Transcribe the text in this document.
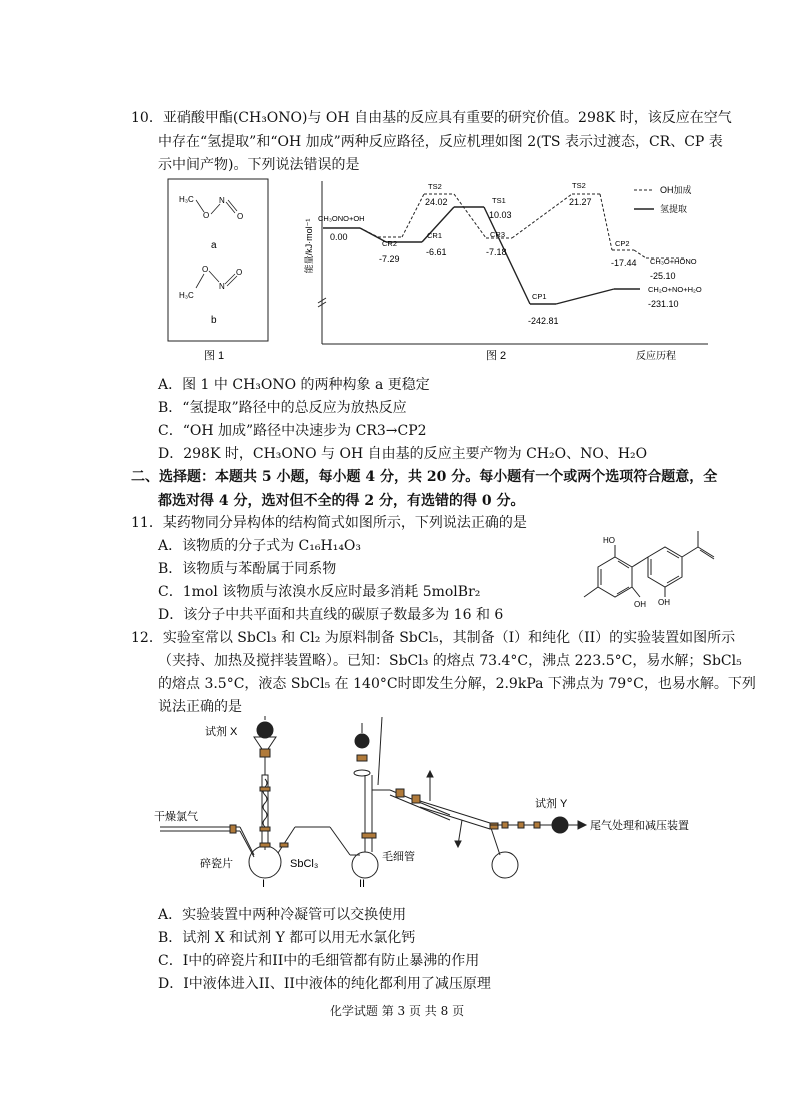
10．亚硝酸甲酯(CH₃ONO)与 OH 自由基的反应具有重要的研究价值。298K 时，该反应在空气
中存在“氢提取”和“OH 加成”两种反应路径，反应机理如图 2(TS 表示过渡态，CR、CP 表
示中间产物)。下列说法错误的是
H₃C
O
N
O
a
O
N
O
H₃C
b
图 1
能量/kJ·mol⁻¹
图 2	反应历程
OH加成
氢提取
CH₃ONO+OH
0.00
CR2
-7.29
TS2
24.02
CR1
-6.61
TS1
10.03
CR3
-7.18
TS2
21.27
CP2
-17.44 CH₃O+HONO
-25.10
CP1
-242.81
CH₂O+NO+H₂O
-231.10
A．图 1 中 CH₃ONO 的两种构象 a 更稳定
B．“氢提取”路径中的总反应为放热反应
C．“OH 加成”路径中决速步为 CR3→CP2
D．298K 时，CH₃ONO 与 OH 自由基的反应主要产物为 CH₂O、NO、H₂O
二、选择题：本题共 5 小题，每小题 4 分，共 20 分。每小题有一个或两个选项符合题意，全
都选对得 4 分，选对但不全的得 2 分，有选错的得 0 分。
11．某药物同分异构体的结构简式如图所示，下列说法正确的是
A．该物质的分子式为 C₁₆H₁₄O₃
B．该物质与苯酚属于同系物
C．1mol 该物质与浓溴水反应时最多消耗 5molBr₂
D．该分子中共平面和共直线的碳原子数最多为 16 和 6
HO
OH
OH
12．实验室常以 SbCl₃ 和 Cl₂ 为原料制备 SbCl₅，其制备（I）和纯化（II）的实验装置如图所示
（夹持、加热及搅拌装置略）。已知：SbCl₃ 的熔点 73.4°C，沸点 223.5°C，易水解；SbCl₅
的熔点 3.5°C，液态 SbCl₅ 在 140°C时即发生分解，2.9kPa 下沸点为 79°C，也易水解。下列
说法正确的是
试剂 X
试剂 Y
干燥氯气
碎瓷片	SbCl₃
毛细管
尾气处理和减压装置
I	II
A．实验装置中两种冷凝管可以交换使用
B．试剂 X 和试剂 Y 都可以用无水氯化钙
C．I中的碎瓷片和II中的毛细管都有防止暴沸的作用
D．I中液体进入II、II中液体的纯化都利用了减压原理
化学试题 第 3 页 共 8 页
